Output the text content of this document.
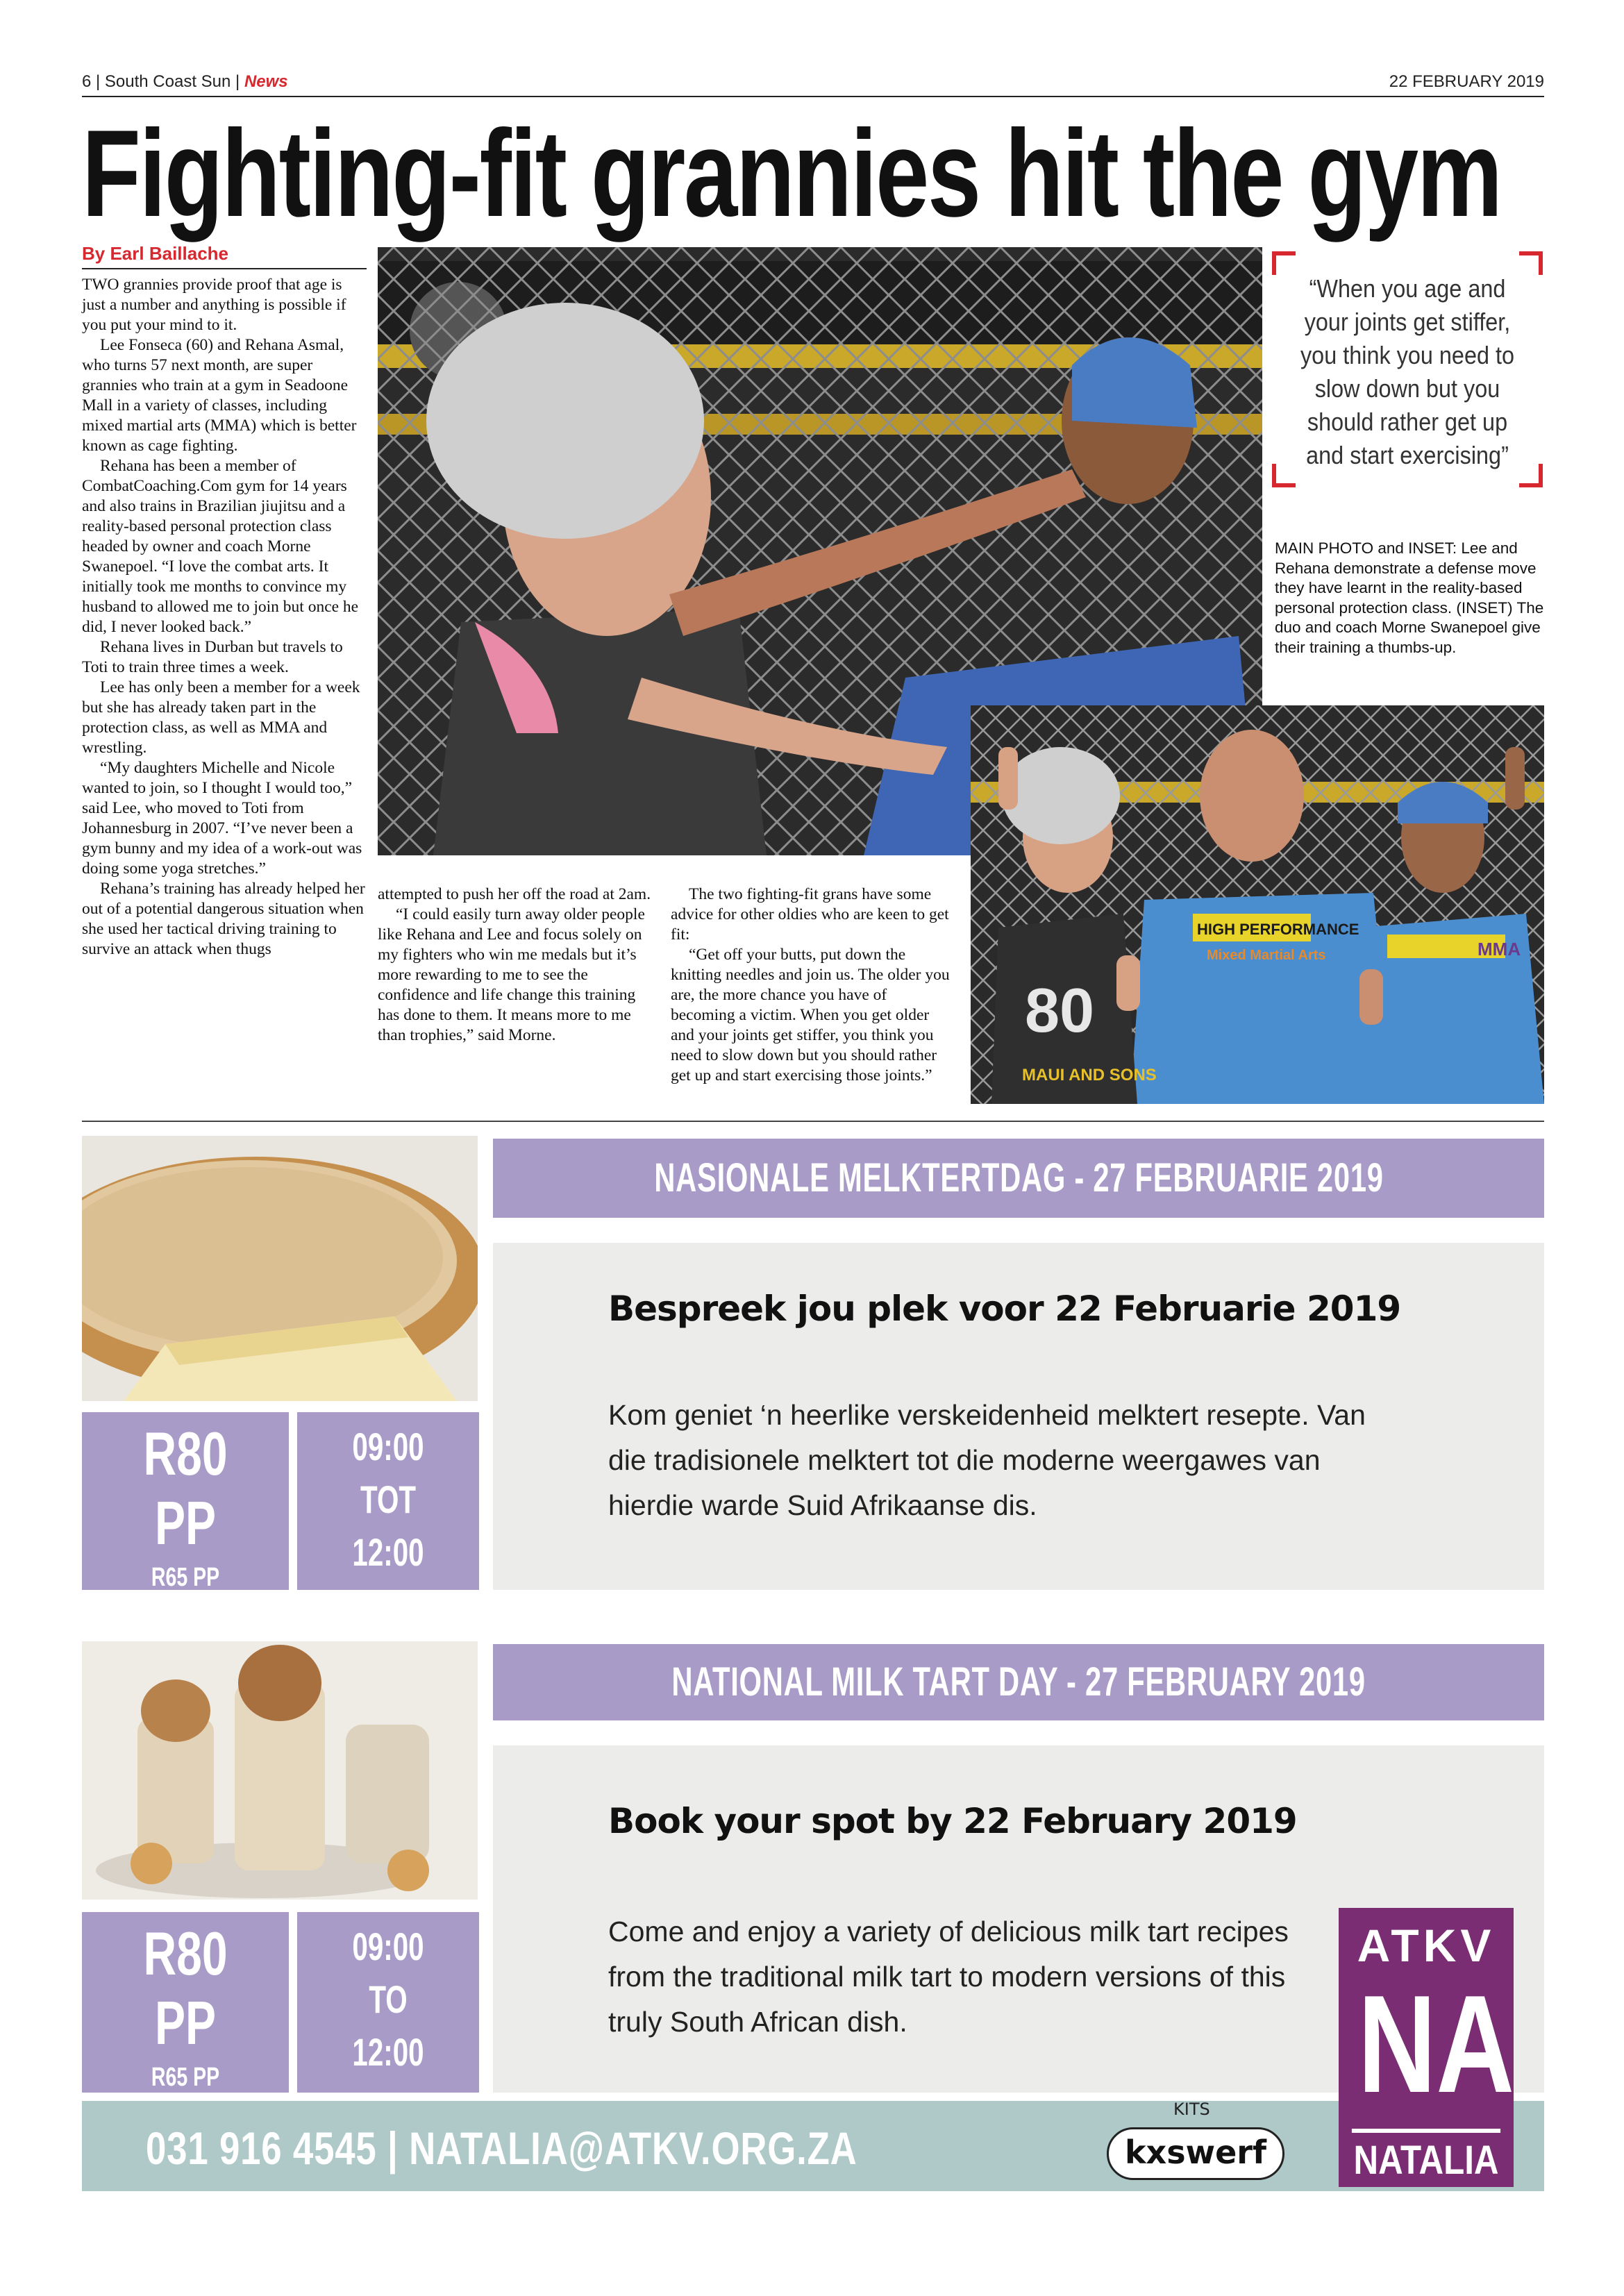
6 | South Coast Sun | News	22 FEBRUARY 2019
Fighting-fit grannies hit the gym
By Earl Baillache

TWO grannies provide proof that age is just a number and anything is possible if you put your mind to it.

Lee Fonseca (60) and Rehana Asmal, who turns 57 next month, are super grannies who train at a gym in Seadoone Mall in a variety of classes, including mixed martial arts (MMA) which is better known as cage fighting.

Rehana has been a member of CombatCoaching.Com gym for 14 years and also trains in Brazilian jiujitsu and a reality-based personal protection class headed by owner and coach Morne Swanepoel. “I love the combat arts. It initially took me months to convince my husband to allowed me to join but once he did, I never looked back.”

Rehana lives in Durban but travels to Toti to train three times a week.

Lee has only been a member for a week but she has already taken part in the protection class, as well as MMA and wrestling.

“My daughters Michelle and Nicole wanted to join, so I thought I would too,” said Lee, who moved to Toti from Johannesburg in 2007. “I’ve never been a gym bunny and my idea of a work-out was doing some yoga stretches.”

Rehana’s training has already helped her out of a potential dangerous situation when she used her tactical driving training to survive an attack when thugs

“When you age and your joints get stiffer, you think you need to slow down but you should rather get up and start exercising”
MAIN PHOTO and INSET: Lee and Rehana demonstrate a defense move they have learnt in the reality-based personal protection class. (INSET) The duo and coach Morne Swanepoel give their training a thumbs-up.
HIGH PERFORMANCE
Mixed Martial Arts
80
MAUI AND SONS
MMA

attempted to push her off the road at 2am.

“I could easily turn away older people like Rehana and Lee and focus solely on my fighters who win me medals but it’s more rewarding to me to see the confidence and life change this training has done to them. It means more to me than trophies,” said Morne.

The two fighting-fit grans have some advice for other oldies who are keen to get fit:

“Get off your butts, put down the knitting needles and join us. The older you are, the more chance you have of becoming a victim. When you get older and your joints get stiffer, you think you need to slow down but you should rather get up and start exercising those joints.”

R80 PP
R65 PP
PENSIONARISSE
09:00
TOT
12:00
NASIONALE MELKTERTDAG - 27 FEBRUARIE 2019
Bespreek jou plek voor 22 Februarie 2019
Kom geniet ‘n heerlike verskeidenheid melktert resepte. Van die tradisionele melktert tot die moderne weergawes van hierdie warde Suid Afrikaanse dis.
R80 PP
R65 PP
09:00
TO
12:00
NATIONAL MILK TART DAY - 27 FEBRUARY 2019
Book your spot by 22 February 2019
Come and enjoy a variety of delicious milk tart recipes from the traditional milk tart to modern versions of this truly South African dish.
031 916 4545 | NATALIA@ATKV.ORG.ZA
KITS
kxswerf
ATKV
NA
NATALIA
